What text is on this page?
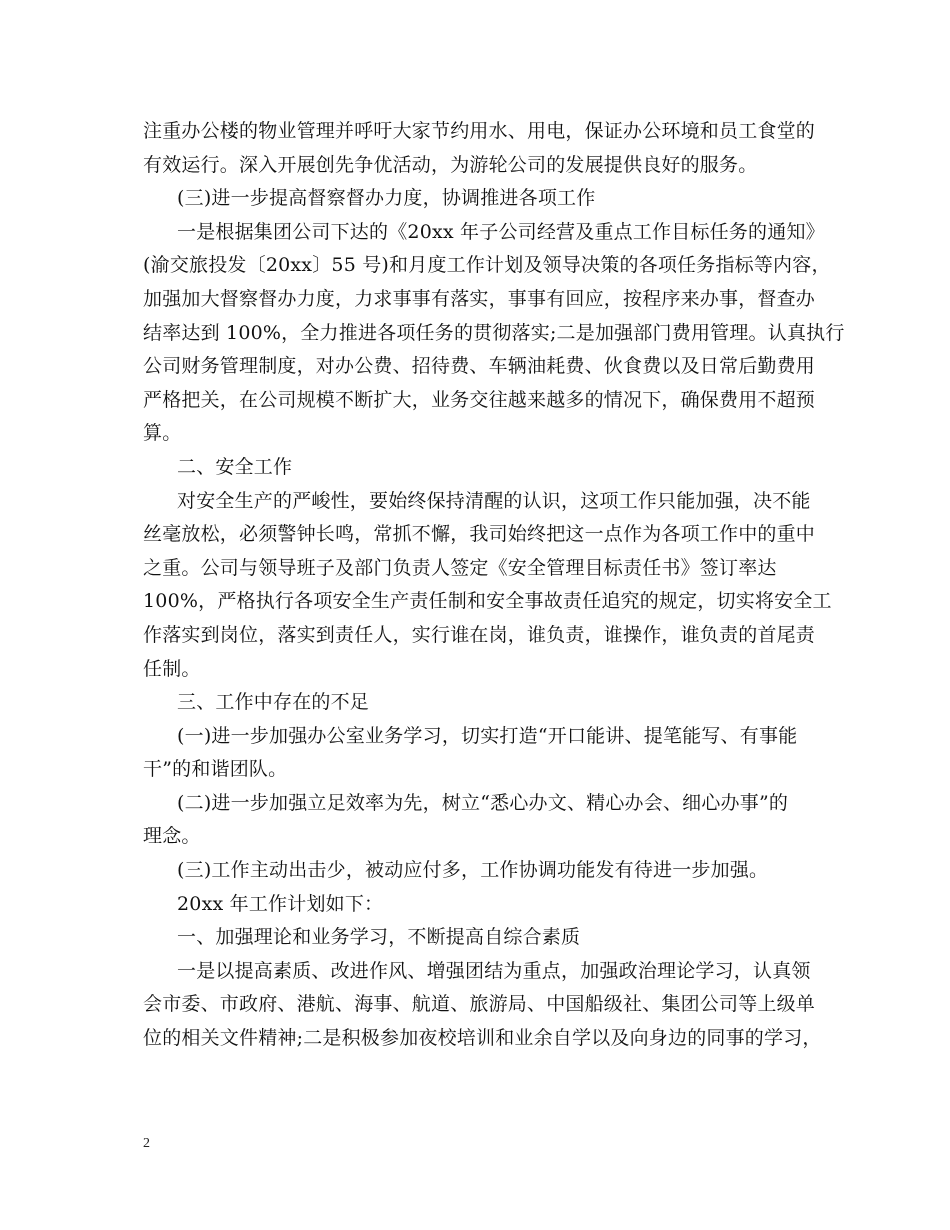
注重办公楼的物业管理并呼吁大家节约用水、用电，保证办公环境和员工食堂的
有效运行。深入开展创先争优活动，为游轮公司的发展提供良好的服务。
(三)进一步提高督察督办力度，协调推进各项工作
一是根据集团公司下达的《20xx 年子公司经营及重点工作目标任务的通知》
(渝交旅投发〔20xx〕55 号)和月度工作计划及领导决策的各项任务指标等内容，
加强加大督察督办力度，力求事事有落实，事事有回应，按程序来办事，督查办
结率达到 100%，全力推进各项任务的贯彻落实;二是加强部门费用管理。认真执行
公司财务管理制度，对办公费、招待费、车辆油耗费、伙食费以及日常后勤费用
严格把关，在公司规模不断扩大，业务交往越来越多的情况下，确保费用不超预
算。
二、安全工作
对安全生产的严峻性，要始终保持清醒的认识，这项工作只能加强，决不能
丝毫放松，必须警钟长鸣，常抓不懈，我司始终把这一点作为各项工作中的重中
之重。公司与领导班子及部门负责人签定《安全管理目标责任书》签订率达
100%，严格执行各项安全生产责任制和安全事故责任追究的规定，切实将安全工
作落实到岗位，落实到责任人，实行谁在岗，谁负责，谁操作，谁负责的首尾责
任制。
三、工作中存在的不足
(一)进一步加强办公室业务学习，切实打造“开口能讲、提笔能写、有事能
干”的和谐团队。
(二)进一步加强立足效率为先，树立“悉心办文、精心办会、细心办事”的
理念。
(三)工作主动出击少，被动应付多，工作协调功能发有待进一步加强。
20xx 年工作计划如下：
一、加强理论和业务学习，不断提高自综合素质
一是以提高素质、改进作风、增强团结为重点，加强政治理论学习，认真领
会市委、市政府、港航、海事、航道、旅游局、中国船级社、集团公司等上级单
位的相关文件精神;二是积极参加夜校培训和业余自学以及向身边的同事的学习，
2
